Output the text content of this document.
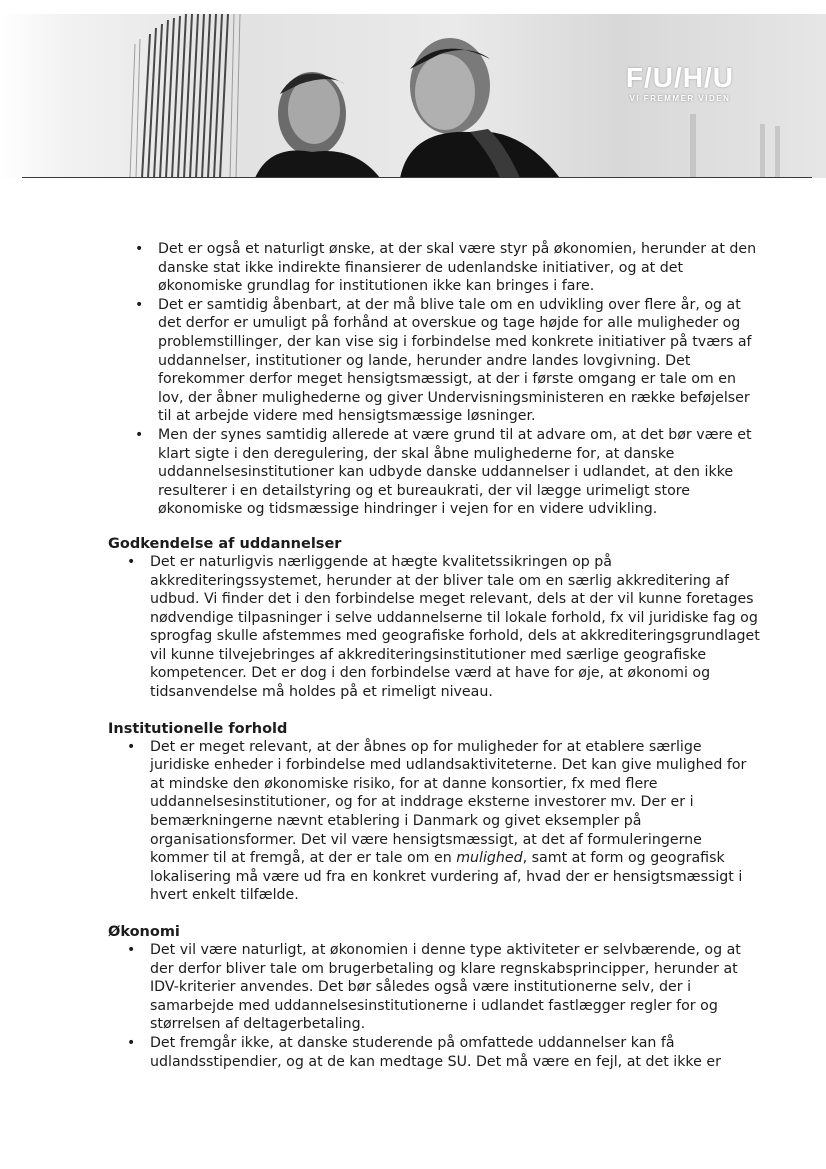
F/U/H/U
VI FREMMER VIDEN
• Det er også et naturligt ønske, at der skal være styr på økonomien, herunder at den danske stat ikke indirekte finansierer de udenlandske initiativer, og at det økonomiske grundlag for institutionen ikke kan bringes i fare.
• Det er samtidig åbenbart, at der må blive tale om en udvikling over flere år, og at det derfor er umuligt på forhånd at overskue og tage højde for alle muligheder og problemstillinger, der kan vise sig i forbindelse med konkrete initiativer på tværs af uddannelser, institutioner og lande, herunder andre landes lovgivning. Det forekommer derfor meget hensigtsmæssigt, at der i første omgang er tale om en lov, der åbner mulighederne og giver Undervisningsministeren en række beføjelser til at arbejde videre med hensigtsmæssige løsninger.
• Men der synes samtidig allerede at være grund til at advare om, at det bør være et klart sigte i den deregulering, der skal åbne mulighederne for, at danske uddannelsesinstitutioner kan udbyde danske uddannelser i udlandet, at den ikke resulterer i en detailstyring og et bureaukrati, der vil lægge urimeligt store økonomiske og tidsmæssige hindringer i vejen for en videre udvikling.
Godkendelse af uddannelser
• Det er naturligvis nærliggende at hægte kvalitetssikringen op på akkrediteringssystemet, herunder at der bliver tale om en særlig akkreditering af udbud. Vi finder det i den forbindelse meget relevant, dels at der vil kunne foretages nødvendige tilpasninger i selve uddannelserne til lokale forhold, fx vil juridiske fag og sprogfag skulle afstemmes med geografiske forhold, dels at akkrediteringsgrundlaget vil kunne tilvejebringes af akkrediteringsinstitutioner med særlige geografiske kompetencer. Det er dog i den forbindelse værd at have for øje, at økonomi og tidsanvendelse må holdes på et rimeligt niveau.
Institutionelle forhold
• Det er meget relevant, at der åbnes op for muligheder for at etablere særlige juridiske enheder i forbindelse med udlandsaktiviteterne. Det kan give mulighed for at mindske den økonomiske risiko, for at danne konsortier, fx med flere uddannelsesinstitutioner, og for at inddrage eksterne investorer mv. Der er i bemærkningerne nævnt etablering i Danmark og givet eksempler på organisationsformer. Det vil være hensigtsmæssigt, at det af formuleringerne kommer til at fremgå, at der er tale om en mulighed, samt at form og geografisk lokalisering må være ud fra en konkret vurdering af, hvad der er hensigtsmæssigt i hvert enkelt tilfælde.
Økonomi
• Det vil være naturligt, at økonomien i denne type aktiviteter er selvbærende, og at der derfor bliver tale om brugerbetaling og klare regnskabsprincipper, herunder at IDV-kriterier anvendes. Det bør således også være institutionerne selv, der i samarbejde med uddannelsesinstitutionerne i udlandet fastlægger regler for og størrelsen af deltagerbetaling.
• Det fremgår ikke, at danske studerende på omfattede uddannelser kan få udlandsstipendier, og at de kan medtage SU. Det må være en fejl, at det ikke er
